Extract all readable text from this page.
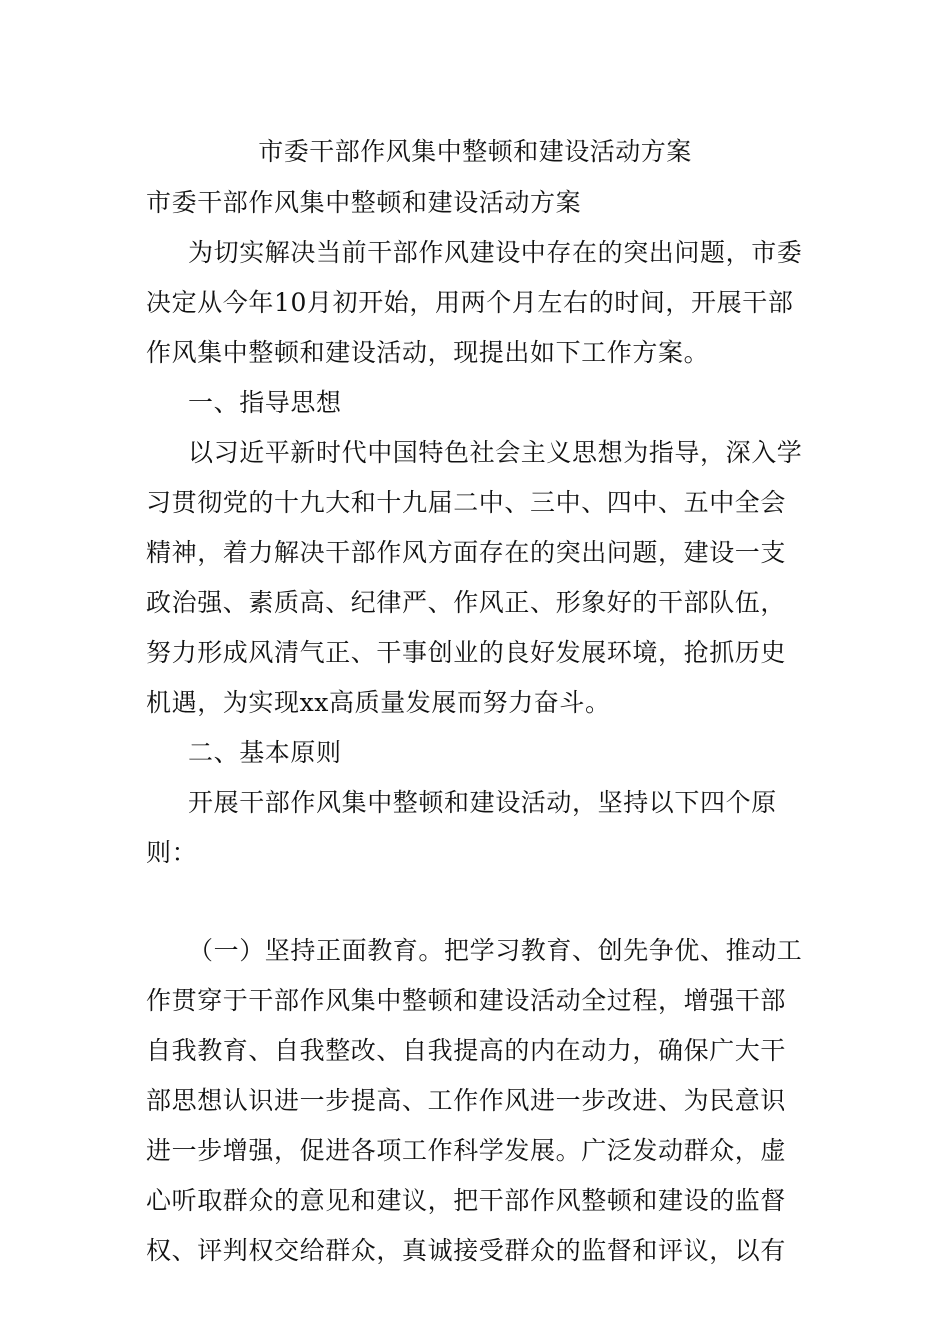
市委干部作风集中整顿和建设活动方案

市委干部作风集中整顿和建设活动方案

为切实解决当前干部作风建设中存在的突出问题，市委决定从今年10月初开始，用两个月左右的时间，开展干部作风集中整顿和建设活动，现提出如下工作方案。

一、指导思想

以习近平新时代中国特色社会主义思想为指导，深入学习贯彻党的十九大和十九届二中、三中、四中、五中全会精神，着力解决干部作风方面存在的突出问题，建设一支政治强、素质高、纪律严、作风正、形象好的干部队伍，努力形成风清气正、干事创业的良好发展环境，抢抓历史机遇，为实现xx高质量发展而努力奋斗。

二、基本原则

开展干部作风集中整顿和建设活动，坚持以下四个原则：

（一）坚持正面教育。把学习教育、创先争优、推动工作贯穿于干部作风集中整顿和建设活动全过程，增强干部自我教育、自我整改、自我提高的内在动力，确保广大干部思想认识进一步提高、工作作风进一步改进、为民意识进一步增强，促进各项工作科学发展。广泛发动群众，虚心听取群众的意见和建议，把干部作风整顿和建设的监督权、评判权交给群众，真诚接受群众的监督和评议，以有
